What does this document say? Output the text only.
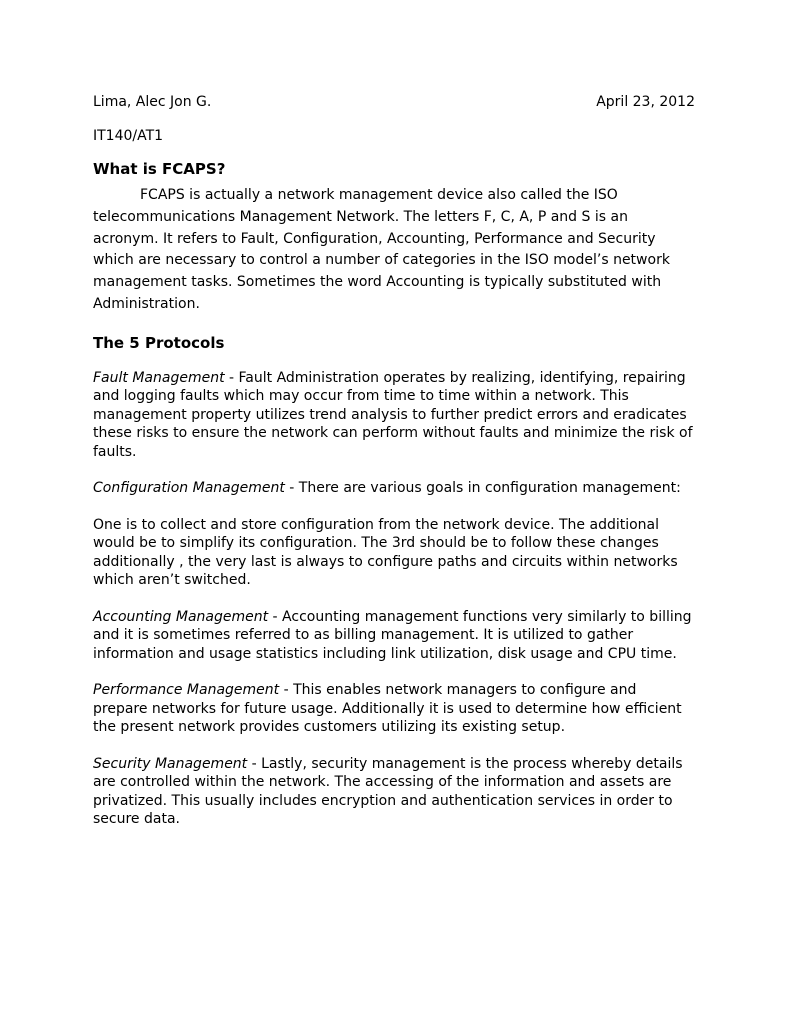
Lima, Alec Jon G.	April 23, 2012
IT140/AT1
What is FCAPS?

FCAPS is actually a network management device also called the ISO telecommunications Management Network. The letters F, C, A, P and S is an acronym. It refers to Fault, Configuration, Accounting, Performance and Security which are necessary to control a number of categories in the ISO model’s network management tasks. Sometimes the word Accounting is typically substituted with Administration.

The 5 Protocols

Fault Management - Fault Administration operates by realizing, identifying, repairing and logging faults which may occur from time to time within a network. This management property utilizes trend analysis to further predict errors and eradicates these risks to ensure the network can perform without faults and minimize the risk of faults.

Configuration Management - There are various goals in configuration management:

One is to collect and store configuration from the network device. The additional would be to simplify its configuration. The 3rd should be to follow these changes additionally , the very last is always to configure paths and circuits within networks which aren’t switched.

Accounting Management - Accounting management functions very similarly to billing and it is sometimes referred to as billing management. It is utilized to gather information and usage statistics including link utilization, disk usage and CPU time.

Performance Management - This enables network managers to configure and prepare networks for future usage. Additionally it is used to determine how efficient the present network provides customers utilizing its existing setup.

Security Management - Lastly, security management is the process whereby details are controlled within the network. The accessing of the information and assets are privatized. This usually includes encryption and authentication services in order to secure data.
